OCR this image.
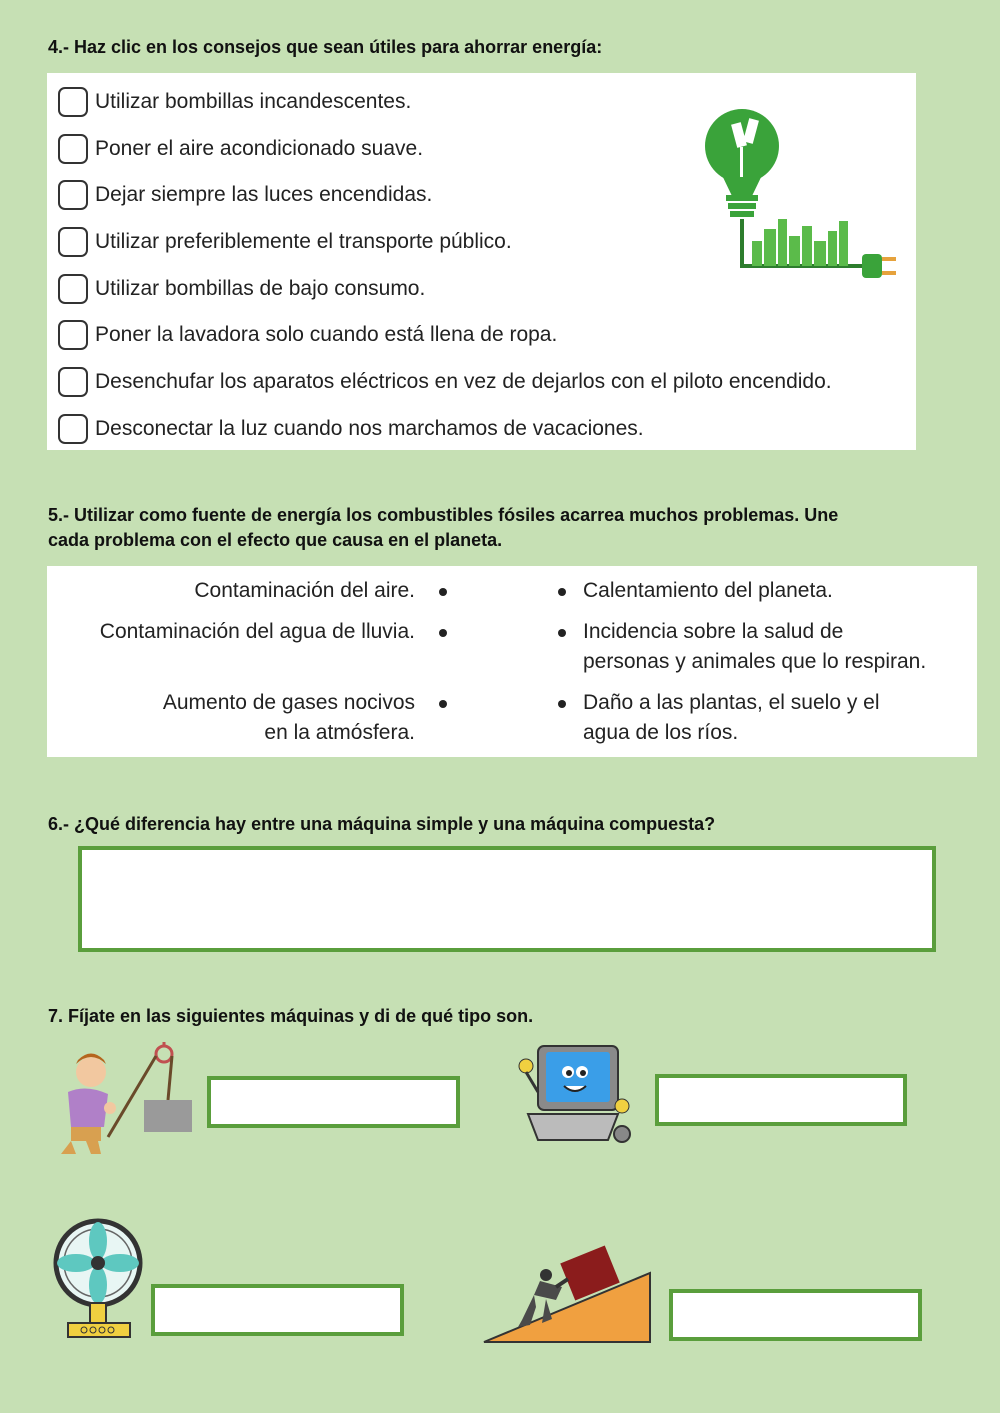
4.- Haz clic en los consejos que sean útiles para ahorrar energía:
Utilizar bombillas incandescentes.
Poner el aire acondicionado suave.
Dejar siempre las luces encendidas.
Utilizar preferiblemente el transporte público.
Utilizar bombillas de bajo consumo.
Poner la lavadora solo cuando está llena de ropa.
Desenchufar los aparatos eléctricos en vez de dejarlos con el piloto encendido.
Desconectar la luz cuando nos marchamos de vacaciones.
5.- Utilizar como fuente de energía los combustibles fósiles acarrea muchos problemas. Une
cada problema con el efecto que causa en el planeta.
Contaminación del aire.
Contaminación del agua de lluvia.
Aumento de gases nocivos
en la atmósfera.
Calentamiento del planeta.
Incidencia sobre la salud de
personas y animales que lo respiran.
Daño a las plantas, el suelo y el
agua de los ríos.
6.- ¿Qué diferencia hay entre una máquina simple y una máquina compuesta?
7. Fíjate en las siguientes máquinas y di de qué tipo son.
